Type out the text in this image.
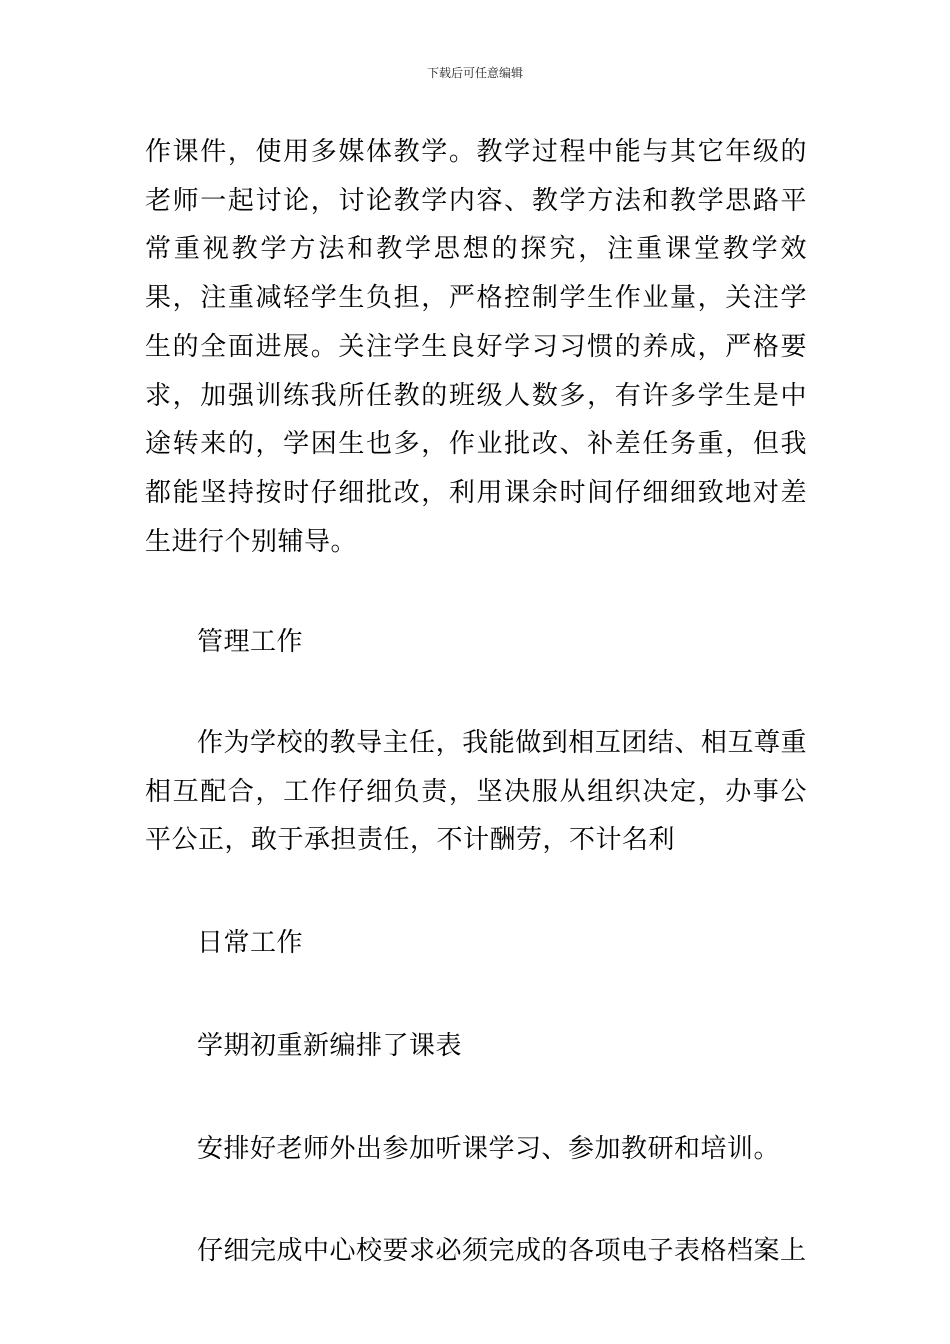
下载后可任意编辑

作课件，使用多媒体教学。教学过程中能与其它年级的老师一起讨论，讨论教学内容、教学方法和教学思路平常重视教学方法和教学思想的探究，注重课堂教学效果，注重减轻学生负担，严格控制学生作业量，关注学生的全面进展。关注学生良好学习习惯的养成，严格要求，加强训练我所任教的班级人数多，有许多学生是中途转来的，学困生也多，作业批改、补差任务重，但我都能坚持按时仔细批改，利用课余时间仔细细致地对差生进行个别辅导。

管理工作

作为学校的教导主任，我能做到相互团结、相互尊重相互配合，工作仔细负责，坚决服从组织决定，办事公平公正，敢于承担责任，不计酬劳，不计名利

日常工作

学期初重新编排了课表

安排好老师外出参加听课学习、参加教研和培训。

仔细完成中心校要求必须完成的各项电子表格档案上
